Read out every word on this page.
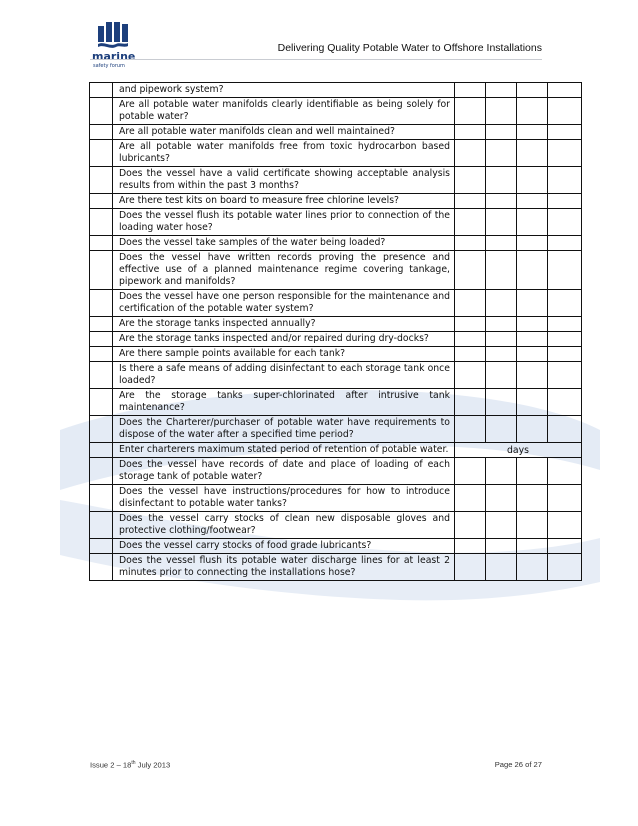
marine
safety forum
Delivering Quality Potable Water to Offshore Installations
	and pipework system?				
	Are all potable water manifolds clearly identifiable as being solely for potable water?				
	Are all potable water manifolds clean and well maintained?				
	Are all potable water manifolds free from toxic hydrocarbon based lubricants?				
	Does the vessel have a valid certificate showing acceptable analysis results from within the past 3 months?				
	Are there test kits on board to measure free chlorine levels?				
	Does the vessel flush its potable water lines prior to connection of the loading water hose?				
	Does the vessel take samples of the water being loaded?				
	Does the vessel have written records proving the presence and effective use of a planned maintenance regime covering tankage, pipework and manifolds?				
	Does the vessel have one person responsible for the maintenance and certification of the potable water system?				
	Are the storage tanks inspected annually?				
	Are the storage tanks inspected and/or repaired during dry-docks?				
	Are there sample points available for each tank?				
	Is there a safe means of adding disinfectant to each storage tank once loaded?				
	Are the storage tanks super-chlorinated after intrusive tank maintenance?				
	Does the Charterer/purchaser of potable water have requirements to dispose of the water after a specified time period?				
	Enter charterers maximum stated period of retention of potable water.	days			
	Does the vessel have records of date and place of loading of each storage tank of potable water?				
	Does the vessel have instructions/procedures for how to introduce disinfectant to potable water tanks?				
	Does the vessel carry stocks of clean new disposable gloves and protective clothing/footwear?				
	Does the vessel carry stocks of food grade lubricants?				
	Does the vessel flush its potable water discharge lines for at least 2 minutes prior to connecting the installations hose?				
Issue 2 – 18th July 2013	Page 26 of 27
